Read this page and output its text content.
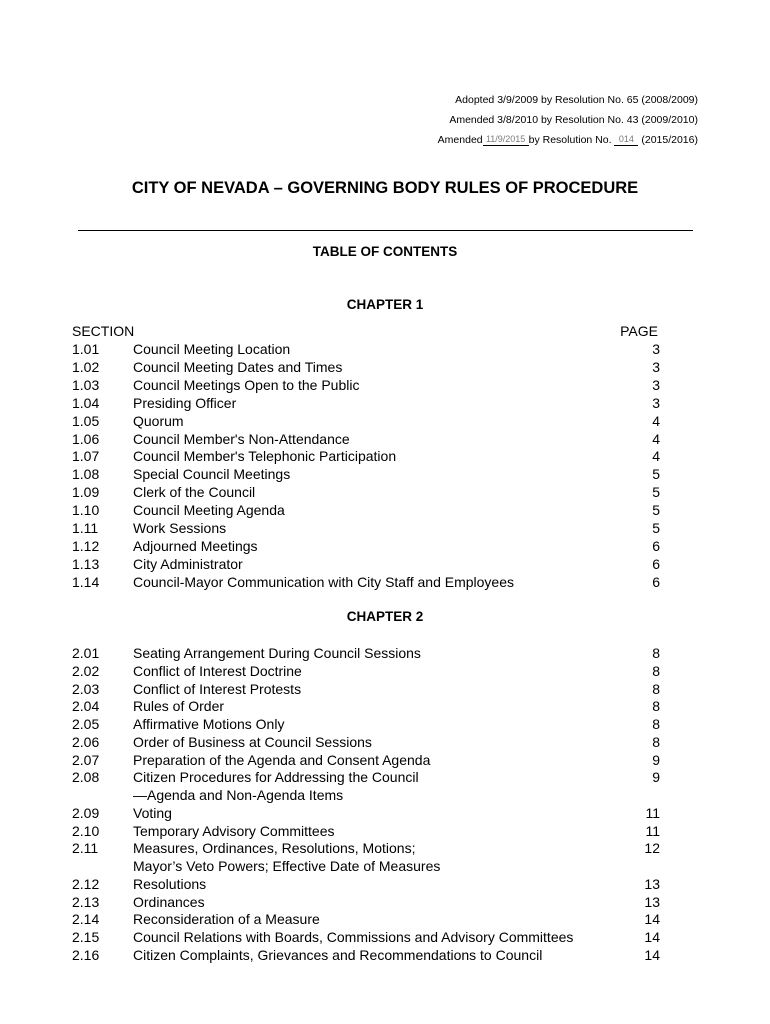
Adopted 3/9/2009 by Resolution No. 65 (2008/2009)
Amended 3/8/2010 by Resolution No. 43 (2009/2010)
Amended 11/9/2015 by Resolution No. 014 (2015/2016)
CITY OF NEVADA – GOVERNING BODY RULES OF PROCEDURE
TABLE OF CONTENTS
CHAPTER 1
SECTION	PAGE
1.01 Council Meeting Location	3
1.02 Council Meeting Dates and Times	3
1.03 Council Meetings Open to the Public	3
1.04 Presiding Officer	3
1.05 Quorum	4
1.06 Council Member's Non-Attendance	4
1.07 Council Member's Telephonic Participation	4
1.08 Special Council Meetings	5
1.09 Clerk of the Council	5
1.10 Council Meeting Agenda	5
1.11 Work Sessions	5
1.12 Adjourned Meetings	6
1.13 City Administrator	6
1.14 Council-Mayor Communication with City Staff and Employees	6
CHAPTER 2
2.01 Seating Arrangement During Council Sessions	8
2.02 Conflict of Interest Doctrine	8
2.03 Conflict of Interest Protests	8
2.04 Rules of Order	8
2.05 Affirmative Motions Only	8
2.06 Order of Business at Council Sessions	8
2.07 Preparation of the Agenda and Consent Agenda	9
2.08 Citizen Procedures for Addressing the Council	9
—Agenda and Non-Agenda Items
2.09 Voting	11
2.10 Temporary Advisory Committees	11
2.11 Measures, Ordinances, Resolutions, Motions;	12
Mayor’s Veto Powers; Effective Date of Measures
2.12 Resolutions	13
2.13 Ordinances	13
2.14 Reconsideration of a Measure	14
2.15 Council Relations with Boards, Commissions and Advisory Committees	14
2.16 Citizen Complaints, Grievances and Recommendations to Council	14
